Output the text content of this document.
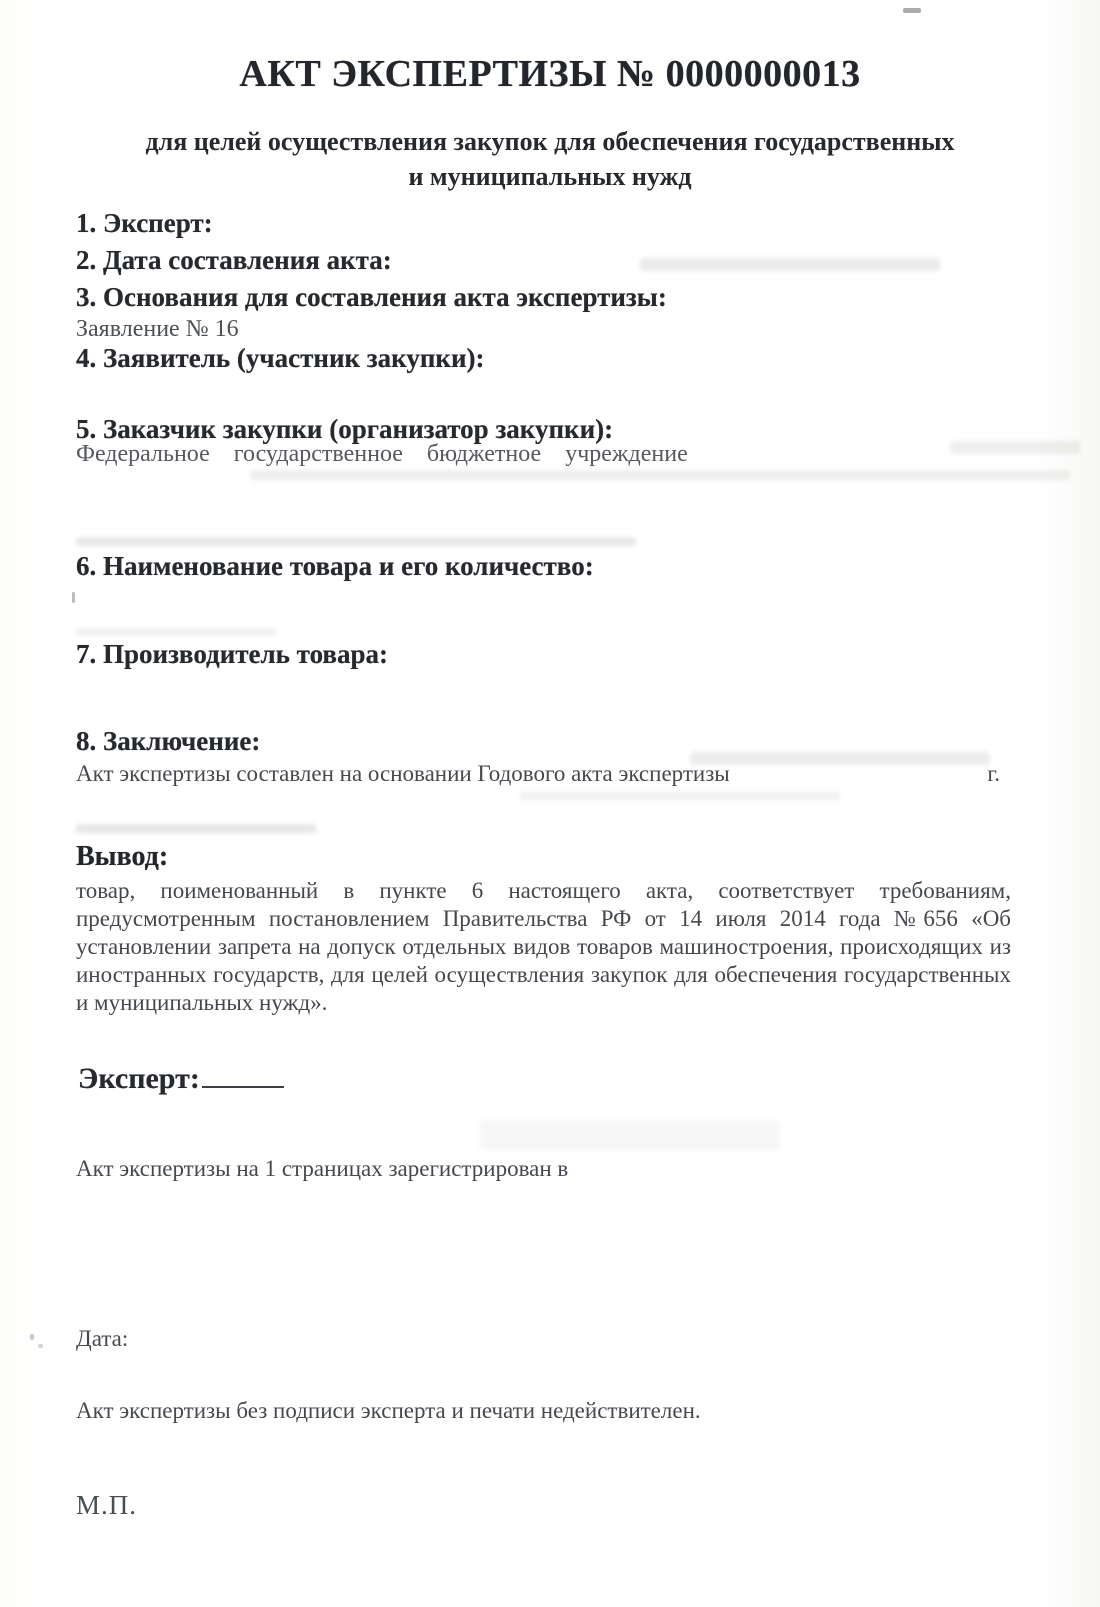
АКТ ЭКСПЕРТИЗЫ № 0000000013
для целей осуществления закупок для обеспечения государственных
и муниципальных нужд
1. Эксперт:
2. Дата составления акта:
3. Основания для составления акта экспертизы:
Заявление № 16
4. Заявитель (участник закупки):
5. Заказчик закупки (организатор закупки):
Федеральное государственное бюджетное учреждение
6. Наименование товара и его количество:
7. Производитель товара:
8. Заключение:
Акт экспертизы составлен на основании Годового акта экспертизы	г.
Вывод:
товар, поименованный в пункте 6 настоящего акта, соответствует требованиям, предусмотренным постановлением Правительства РФ от 14 июля 2014 года №656 «Об установлении запрета на допуск отдельных видов товаров машиностроения, происходящих из иностранных государств, для целей осуществления закупок для обеспечения государственных и муниципальных нужд».
Эксперт:
Акт экспертизы на 1 страницах зарегистрирован в
Дата:
Акт экспертизы без подписи эксперта и печати недействителен.
М.П.
